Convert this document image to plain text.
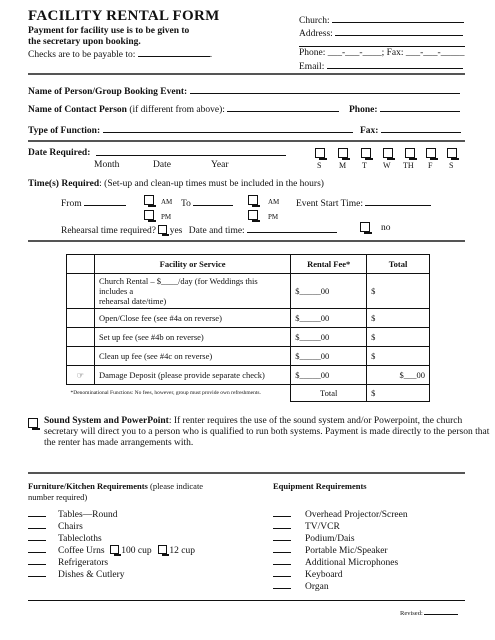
FACILITY RENTAL FORM
Payment for facility use is to be given to
the secretary upon booking.
Checks are to be payable to:	.
Church:
Address:
Phone: ___-___-____; Fax: ___-___-_____
Email:
Name of Person/Group Booking Event:
Name of Contact Person (if different from above):	Phone:
Type of Function:	Fax:
Date Required:
Month	Date	Year	S M T W TH F S
Time(s) Required: (Set-up and clean-up times must be included in the hours)
From	AM
PM
To	AM
PM
Event Start Time:
Rehearsal time required? yes Date and time:	no
	Facility or Service	Rental Fee*	Total

	Church Rental – $____/day (for Weddings this includes a
rehearsal date/time)	$_____00	$
	Open/Close fee (see #4a on reverse)	$_____00	$
	Set up fee (see #4b on reverse)	$_____00	$
	Clean up fee (see #4c on reverse)	$_____00	$
☞	Damage Deposit (please provide separate check)	$_____00	$___00
*Denominational Functions: No fees, however, group must provide own refreshments.		Total	$
Sound System and PowerPoint: If renter requires the use of the sound system and/or Powerpoint, the church
secretary will direct you to a person who is qualified to run both systems. Payment is made directly to the person that
the renter has made arrangements with.
Furniture/Kitchen Requirements (please indicate
number required)
Tables—Round
Chairs
Tablecloths
Coffee Urns 100 cup 12 cup
Refrigerators
Dishes & Cutlery
Equipment Requirements
Overhead Projector/Screen
TV/VCR
Podium/Dais
Portable Mic/Speaker
Additional Microphones
Keyboard
Organ
Revised:
